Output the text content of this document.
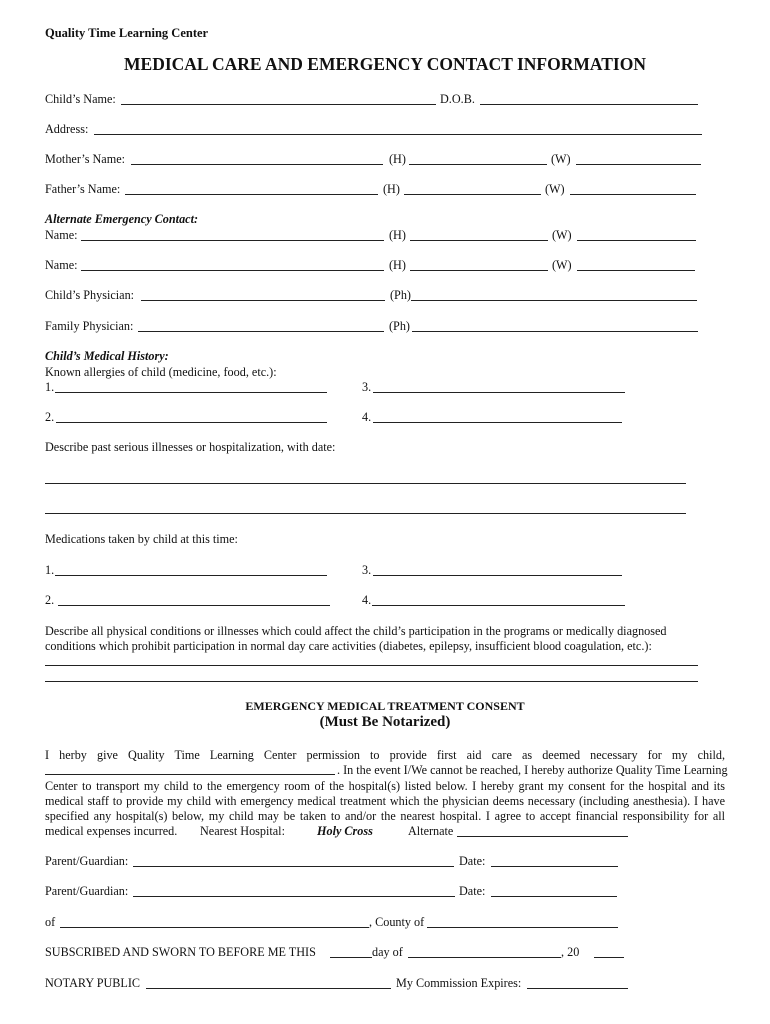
Quality Time Learning Center
MEDICAL CARE AND EMERGENCY CONTACT INFORMATION
Child’s Name:	D.O.B.
Address:
Mother’s Name:	(H)	(W)
Father’s Name:	(H)	(W)
Alternate Emergency Contact:
Name:	(H)	(W)
Name:	(H)	(W)
Child’s Physician:	(Ph)
Family Physician:	(Ph)
Child’s Medical History:
Known allergies of child (medicine, food, etc.):
1.	3.
2.	4.
Describe past serious illnesses or hospitalization, with date:
Medications taken by child at this time:
1.	3.
2.	4.
Describe all physical conditions or illnesses which could affect the child’s participation in the programs or medically diagnosed
conditions which prohibit participation in normal day care activities (diabetes, epilepsy, insufficient blood coagulation, etc.):
EMERGENCY MEDICAL TREATMENT CONSENT
(Must Be Notarized)
I herby give Quality Time Learning Center permission to provide first aid care as deemed necessary for my child,
. In the event I/We cannot be reached, I hereby authorize Quality Time Learning
Center to transport my child to the emergency room of the hospital(s) listed below. I hereby grant my consent for the hospital and its
medical staff to provide my child with emergency medical treatment which the physician deems necessary (including anesthesia). I have
specified any hospital(s) below, my child may be taken to and/or the nearest hospital. I agree to accept financial responsibility for all
medical expenses incurred. Nearest Hospital:	Holy Cross	Alternate
Parent/Guardian:	Date:
Parent/Guardian:	Date:
of	, County of
SUBSCRIBED AND SWORN TO BEFORE ME THIS	day of	, 20
NOTARY PUBLIC	My Commission Expires:
